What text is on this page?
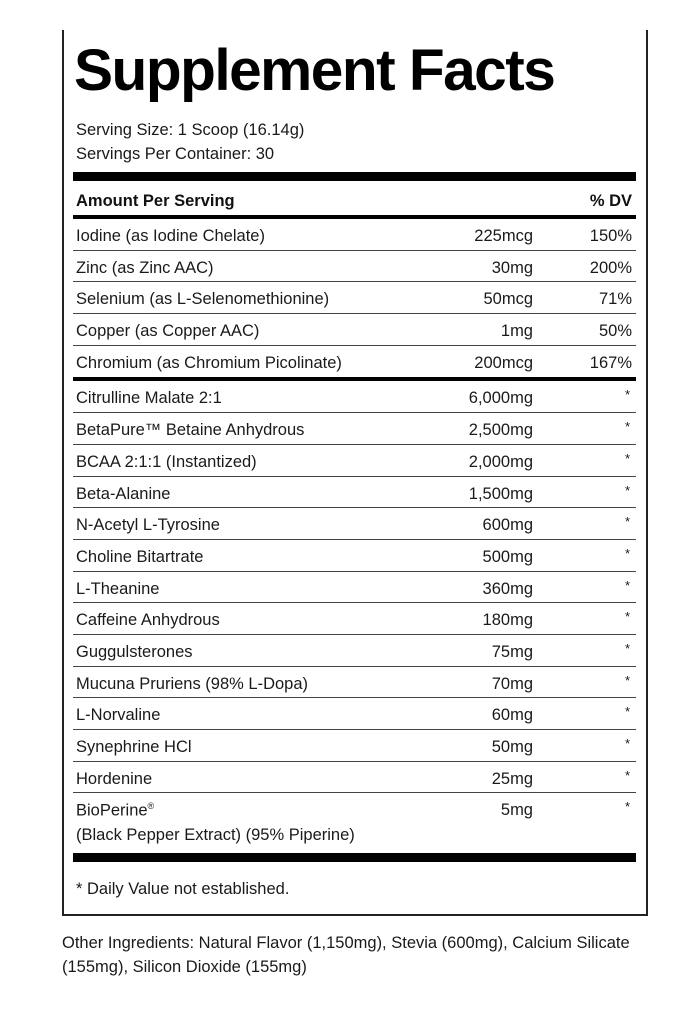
Supplement Facts
Serving Size: 1 Scoop (16.14g)
Servings Per Container: 30
Amount Per Serving	% DV
Iodine (as Iodine Chelate)	225mcg	150%
Zinc (as Zinc AAC)	30mg	200%
Selenium (as L-Selenomethionine)	50mcg	71%
Copper (as Copper AAC)	1mg	50%
Chromium (as Chromium Picolinate)	200mcg	167%
Citrulline Malate 2:1	6,000mg	*
BetaPure™ Betaine Anhydrous	2,500mg	*
BCAA 2:1:1 (Instantized)	2,000mg	*
Beta-Alanine	1,500mg	*
N-Acetyl L-Tyrosine	600mg	*
Choline Bitartrate	500mg	*
L-Theanine	360mg	*
Caffeine Anhydrous	180mg	*
Guggulsterones	75mg	*
Mucuna Pruriens (98% L-Dopa)	70mg	*
L-Norvaline	60mg	*
Synephrine HCl	50mg	*
Hordenine	25mg	*
BioPerine®
(Black Pepper Extract) (95% Piperine)
5mg	*
* Daily Value not established.
Other Ingredients: Natural Flavor (1,150mg), Stevia (600mg), Calcium Silicate (155mg), Silicon Dioxide (155mg)
